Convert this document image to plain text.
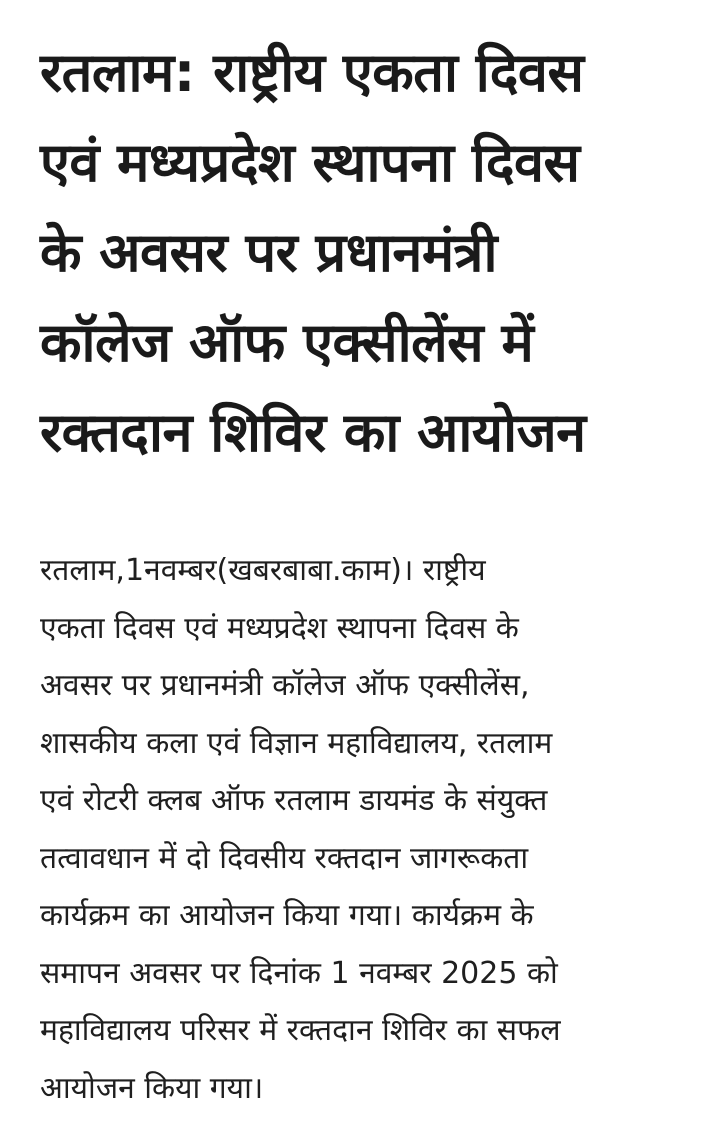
रतलाम: राष्ट्रीय एकता दिवस
एवं मध्यप्रदेश स्थापना दिवस
के अवसर पर प्रधानमंत्री
कॉलेज ऑफ एक्सीलेंस में
रक्तदान शिविर का आयोजन

रतलाम,1नवम्बर(खबरबाबा.काम)। राष्ट्रीय
एकता दिवस एवं मध्यप्रदेश स्थापना दिवस के
अवसर पर प्रधानमंत्री कॉलेज ऑफ एक्सीलेंस,
शासकीय कला एवं विज्ञान महाविद्यालय, रतलाम
एवं रोटरी क्लब ऑफ रतलाम डायमंड के संयुक्त
तत्वावधान में दो दिवसीय रक्तदान जागरूकता
कार्यक्रम का आयोजन किया गया। कार्यक्रम के
समापन अवसर पर दिनांक 1 नवम्बर 2025 को
महाविद्यालय परिसर में रक्तदान शिविर का सफल
आयोजन किया गया।
